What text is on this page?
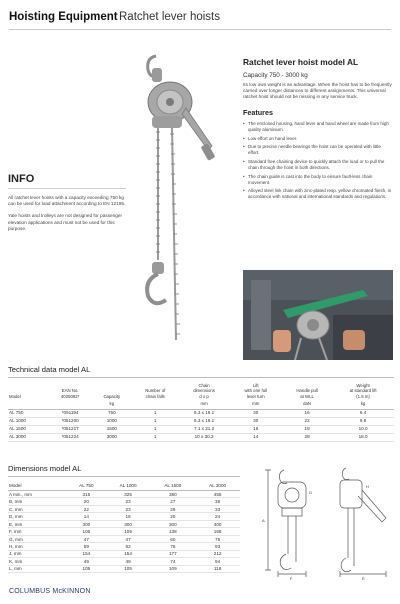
Hoisting Equipment Ratchet lever hoists
Ratchet lever hoist model AL
Capacity 750 - 3000 kg
Its low own weight is an advantage. When the hoist has to be frequently carried over longer distances to different assignments. This universal ratchet hoist should not be missing in any service truck.
Features
• The enclosed housing, hand lever and hand wheel are made from high quality aluminium.
• Low effort on hand lever.
• Due to precise needle bearings the hoist can be operated with little effort.
• Standard free chaining device to quickly attach the load or to pull the chain through the hoist in both directions.
• The chain guide is cast into the body to ensure fault-less chain movement.
• Alloyed steel link chain with zinc-plated resp. yellow chromated finish, in accordance with national and international standards and regulations.
INFO

All ratchet lever hoists with a capacity exceeding 750 kg can be used for load attachment according to EN 12195.

Yale hoists and trolleys are not designed for passenger elevation applications and must not be used for this purpose.

Technical data model AL
Model	EAN No.
4025092*	Capacity	Number of
chain falls	Chain
dimensions
d x p	Lift
with one full
lever turn	Handle pull
at WLL	Weight
at standard lift
(1.5 m)
		kg		mm	mm	daN	kg
AL 750	*051194	750	1	6.3 x 19.1	30	16	6.4
AL 1000	*051200	1000	1	6.3 x 19.1	30	22	6.6
AL 1500	*051217	1500	1	7.1 x 21.2	16	18	10.0
AL 3000	*051224	3000	1	10 x 30.2	14	28	18.0
Dimensions model AL
Model	AL 750	AL 1000	AL 1500	AL 3000
A min., mm	315	325	380	455
B, mm	20	23	27	36
C, mm	22	23	26	33
D, mm	14	16	20	24
E, mm	300	300	300	400
F, mm	106	109	138	168
G, mm	47	47	60	75
H, mm	59	62	78	93
J, mm	154	154	177	212
K, mm	49	49	74	94
L, mm	105	105	109	118
A
F	E
G
H
COLUMBUS McKINNON
